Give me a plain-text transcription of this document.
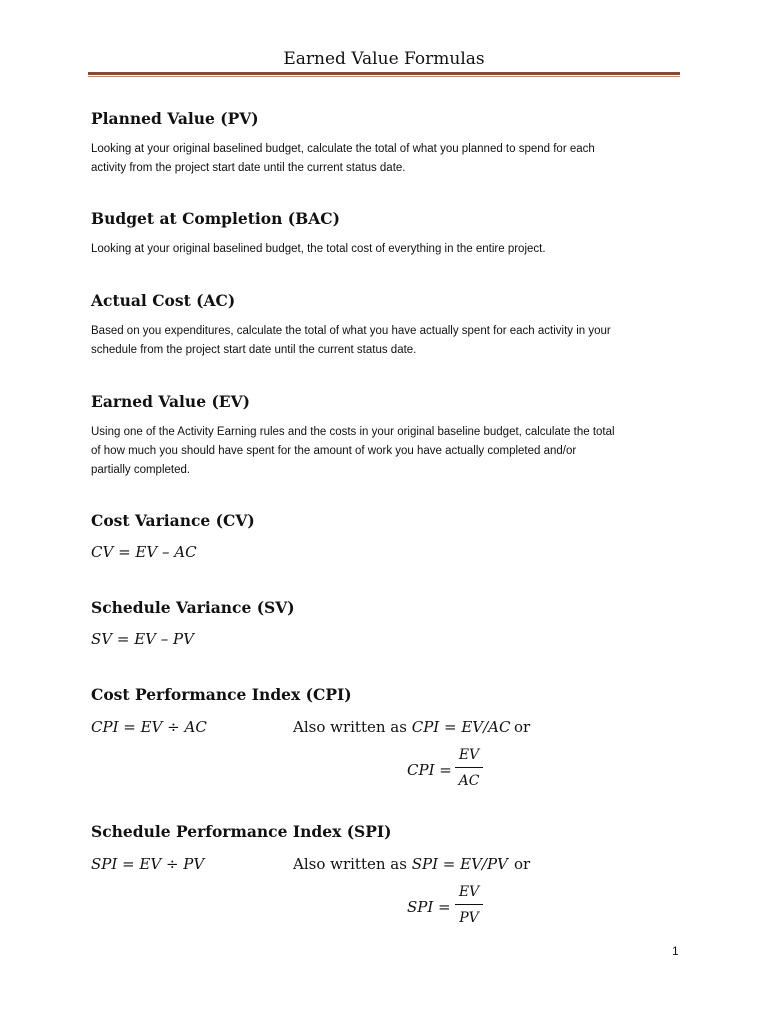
Earned Value Formulas
Planned Value (PV)

Looking at your original baselined budget, calculate the total of what you planned to spend for each
activity from the project start date until the current status date.

Budget at Completion (BAC)

Looking at your original baselined budget, the total cost of everything in the entire project.

Actual Cost (AC)

Based on you expenditures, calculate the total of what you have actually spent for each activity in your
schedule from the project start date until the current status date.

Earned Value (EV)

Using one of the Activity Earning rules and the costs in your original baseline budget, calculate the total
of how much you should have spent for the amount of work you have actually completed and/or
partially completed.

Cost Variance (CV)
CV = EV – AC
Schedule Variance (SV)
SV = EV – PV
Cost Performance Index (CPI)
CPI = EV ÷ AC	Also written as CPI = EV/AC or
CPI =
EV
AC
Schedule Performance Index (SPI)
SPI = EV ÷ PV	Also written as SPI = EV/PV or
SPI =
EV
PV
1
